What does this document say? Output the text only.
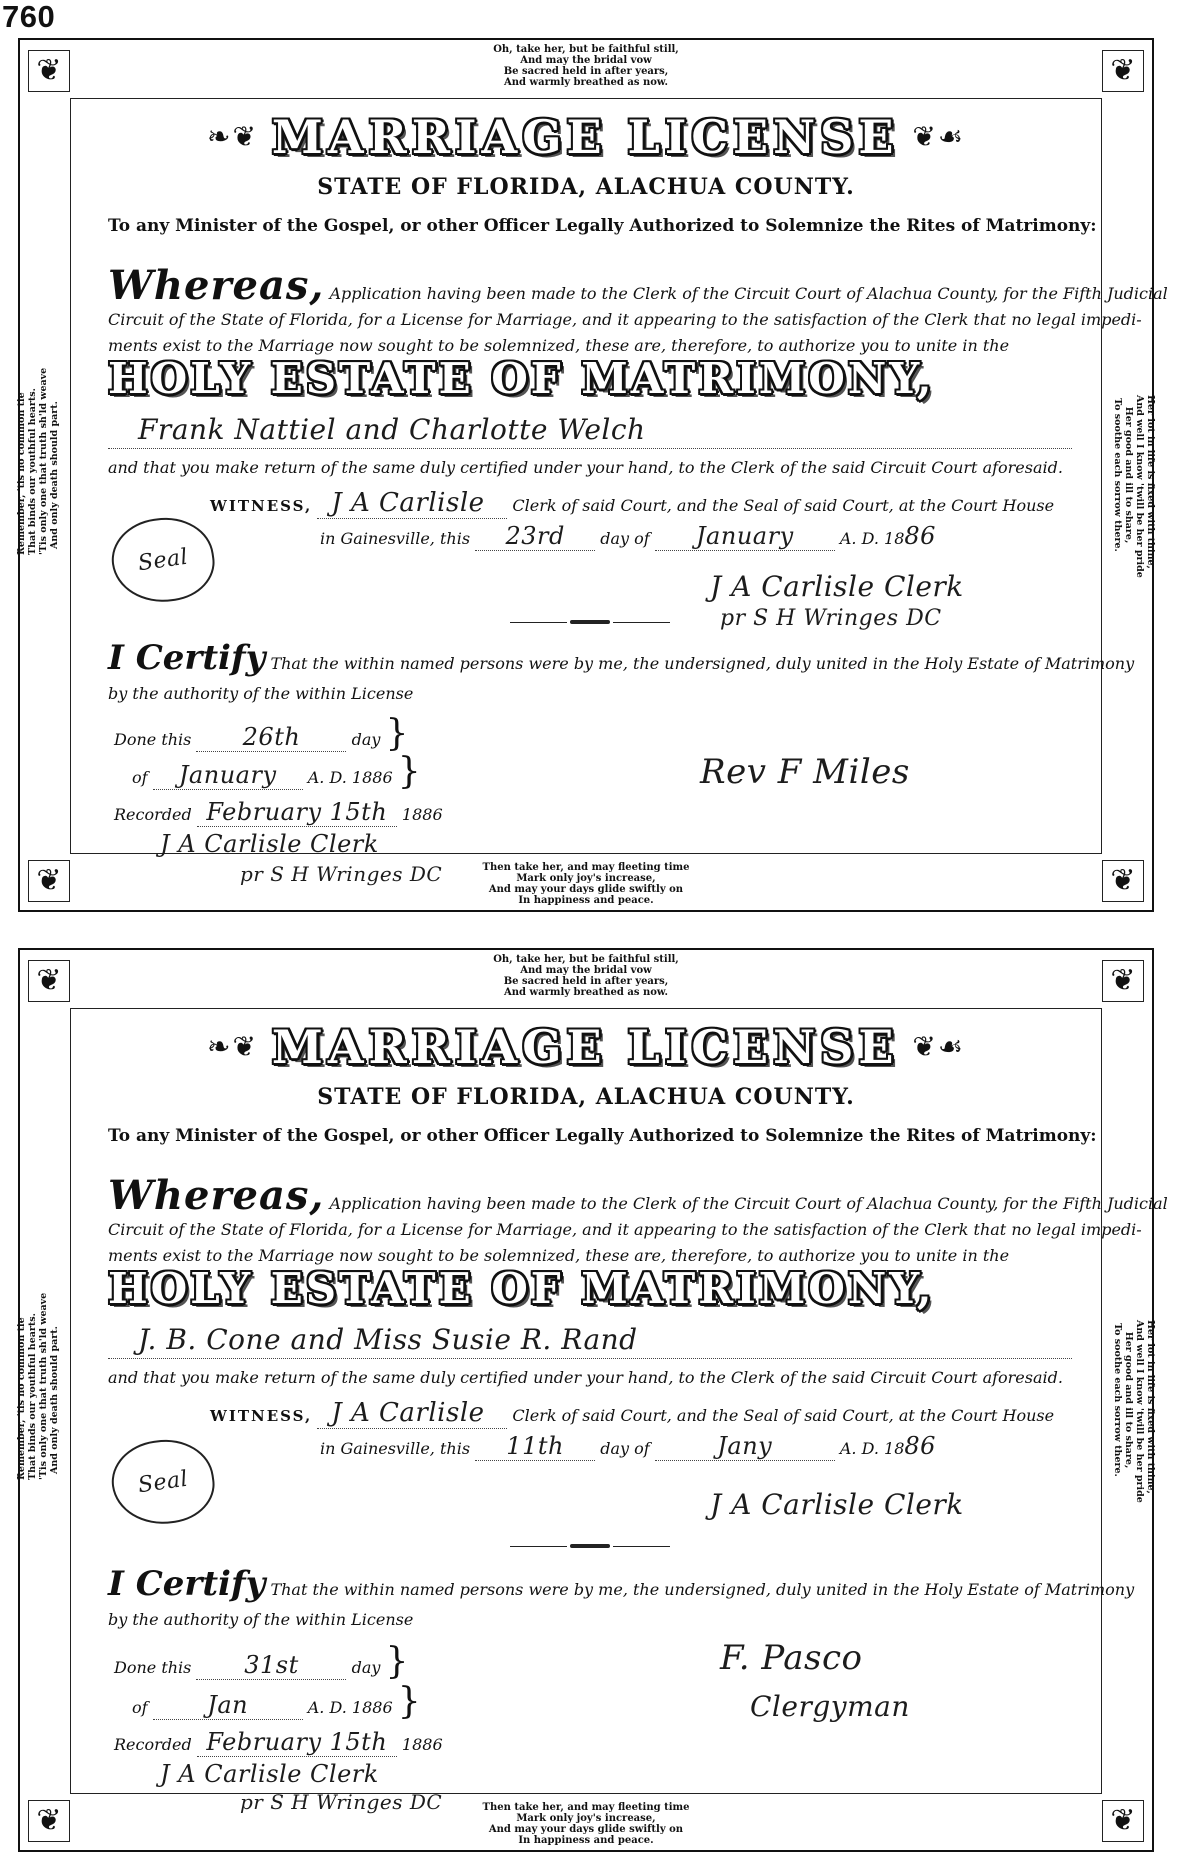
760
❦	❦
❦	❦
Oh, take her, but be faithful still,
And may the bridal vow
Be sacred held in after years,
And warmly breathed as now.
Then take her, and may fleeting time
Mark only joy's increase,
And may your days glide swiftly on
In happiness and peace.
Remember, 'tis no common tie That binds our youthful hearts. 'Tis only one that truth sh'ld weave And only death should part.	Her lot in life is fixed with thine,
And well I know 'twill be her pride
Her good and ill to share,
To soothe each sorrow there.
❧❦ MARRIAGE LICENSE ❦☙
STATE OF FLORIDA, ALACHUA COUNTY.
To any Minister of the Gospel, or other Officer Legally Authorized to Solemnize the Rites of Matrimony:
Whereas, Application having been made to the Clerk of the Circuit Court of Alachua County, for the Fifth Judicial
Circuit of the State of Florida, for a License for Marriage, and it appearing to the satisfaction of the Clerk that no legal impedi-
ments exist to the Marriage now sought to be solemnized, these are, therefore, to authorize you to unite in the
HOLY ESTATE OF MATRIMONY,
Frank Nattiel and Charlotte Welch
and that you make return of the same duly certified under your hand, to the Clerk of the said Circuit Court aforesaid.
WITNESS, J A Carlisle Clerk of said Court, and the Seal of said Court, at the Court House
in Gainesville, this 23rd day of January	A. D. 1886
Seal
J A Carlisle Clerk
pr S H Wringes DC
I Certify That the within named persons were by me, the undersigned, duly united in the Holy Estate of Matrimony
by the authority of the within License
Done this 26th	day }
of January A. D. 1886 }	Rev F Miles
Recorded February 15th 1886
J A Carlisle Clerk
pr S H Wringes DC
❦	❦
❦	❦
Oh, take her, but be faithful still,
And may the bridal vow
Be sacred held in after years,
And warmly breathed as now.
Then take her, and may fleeting time
Mark only joy's increase,
And may your days glide swiftly on
In happiness and peace.
Remember, 'tis no common tie That binds our youthful hearts. 'Tis only one that truth sh'ld weave And only death should part.	Her lot in life is fixed with thine,
And well I know 'twill be her pride
Her good and ill to share,
To soothe each sorrow there.
❧❦ MARRIAGE LICENSE ❦☙
STATE OF FLORIDA, ALACHUA COUNTY.
To any Minister of the Gospel, or other Officer Legally Authorized to Solemnize the Rites of Matrimony:
Whereas, Application having been made to the Clerk of the Circuit Court of Alachua County, for the Fifth Judicial
Circuit of the State of Florida, for a License for Marriage, and it appearing to the satisfaction of the Clerk that no legal impedi-
ments exist to the Marriage now sought to be solemnized, these are, therefore, to authorize you to unite in the
HOLY ESTATE OF MATRIMONY,
J. B. Cone and Miss Susie R. Rand
and that you make return of the same duly certified under your hand, to the Clerk of the said Circuit Court aforesaid.
WITNESS, J A Carlisle Clerk of said Court, and the Seal of said Court, at the Court House
in Gainesville, this 11th day of	Jany	A. D. 1886
Seal
J A Carlisle Clerk
I Certify That the within named persons were by me, the undersigned, duly united in the Holy Estate of Matrimony
by the authority of the within License
Done this 31st	day }
of Jan	A. D. 1886 }
F. Pasco
Clergyman
Recorded February 15th 1886
J A Carlisle Clerk
pr S H Wringes DC
